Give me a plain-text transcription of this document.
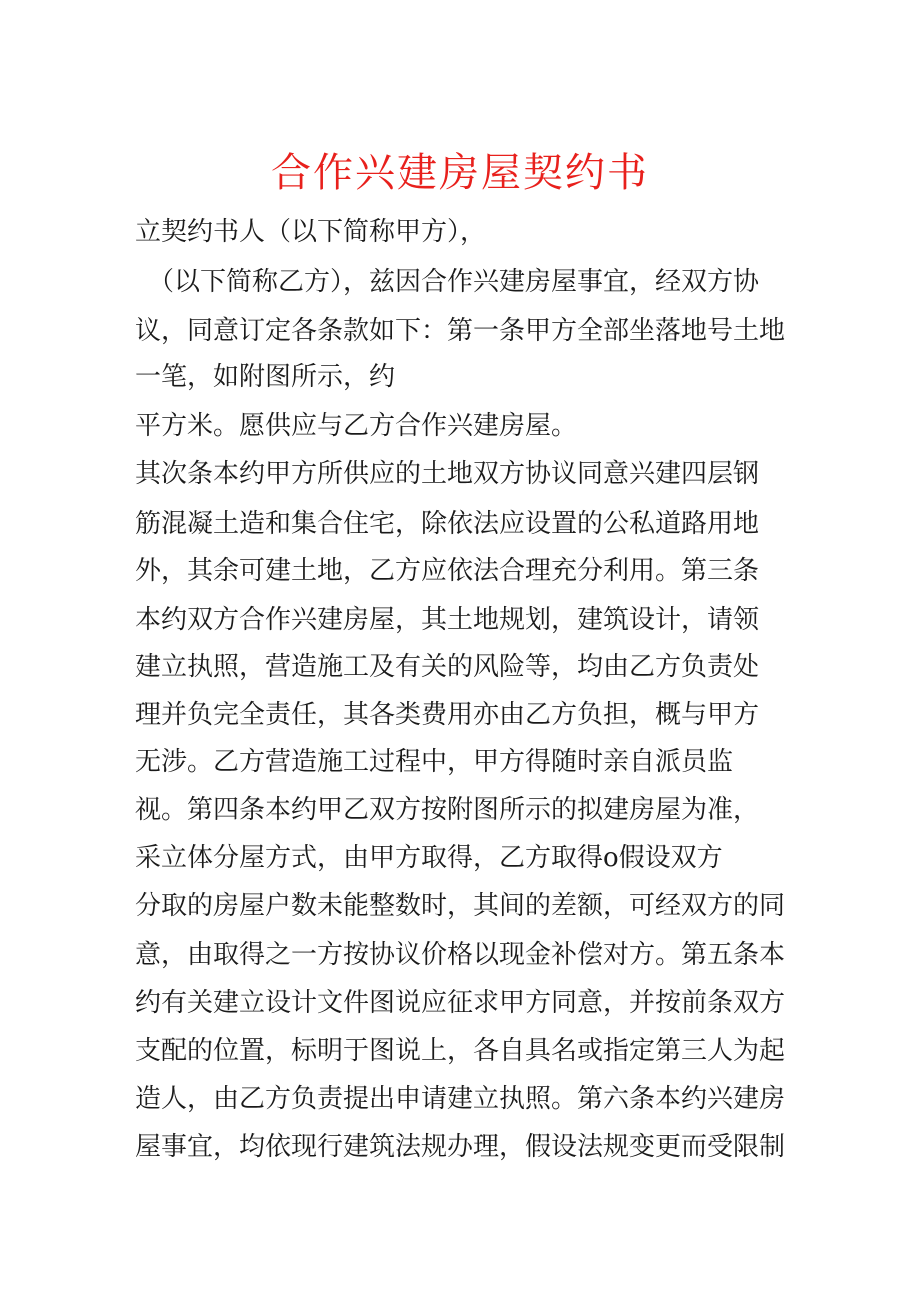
合作兴建房屋契约书
立契约书人（以下简称甲方），
（以下简称乙方），兹因合作兴建房屋事宜，经双方协
议，同意订定各条款如下：第一条甲方全部坐落地号土地
一笔，如附图所示，约
平方米。愿供应与乙方合作兴建房屋。
其次条本约甲方所供应的土地双方协议同意兴建四层钢
筋混凝土造和集合住宅，除依法应设置的公私道路用地
外，其余可建土地，乙方应依法合理充分利用。第三条
本约双方合作兴建房屋，其土地规划，建筑设计，请领
建立执照，营造施工及有关的风险等，均由乙方负责处
理并负完全责任，其各类费用亦由乙方负担，概与甲方
无涉。乙方营造施工过程中，甲方得随时亲自派员监
视。第四条本约甲乙双方按附图所示的拟建房屋为准，
采立体分屋方式，由甲方取得，乙方取得o假设双方
分取的房屋户数未能整数时，其间的差额，可经双方的同
意，由取得之一方按协议价格以现金补偿对方。第五条本
约有关建立设计文件图说应征求甲方同意，并按前条双方
支配的位置，标明于图说上，各自具名或指定第三人为起
造人，由乙方负责提出申请建立执照。第六条本约兴建房
屋事宜，均依现行建筑法规办理，假设法规变更而受限制
